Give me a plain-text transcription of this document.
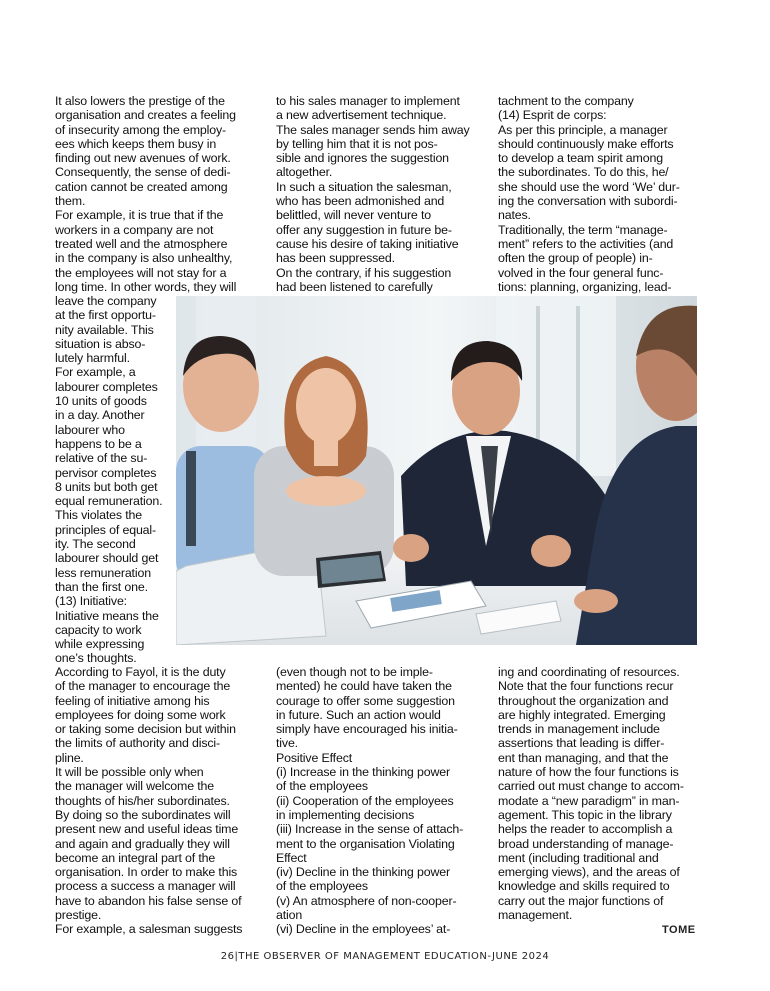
It also lowers the prestige of the

organisation and creates a feeling

of insecurity among the employ-

ees which keeps them busy in

finding out new avenues of work.

Consequently, the sense of dedi-

cation cannot be created among

them.

For example, it is true that if the

workers in a company are not

treated well and the atmosphere

in the company is also unhealthy,

the employees will not stay for a

long time. In other words, they will

leave the company

at the first opportu-

nity available. This

situation is abso-

lutely harmful.

For example, a

labourer completes

10 units of goods

in a day. Another

labourer who

happens to be a

relative of the su-

pervisor completes

8 units but both get

equal remuneration.

This violates the

principles of equal-

ity. The second

labourer should get

less remuneration

than the first one.

(13) Initiative:

Initiative means the

capacity to work

while expressing

one’s thoughts.

According to Fayol, it is the duty

of the manager to encourage the

feeling of initiative among his

employees for doing some work

or taking some decision but within

the limits of authority and disci-

pline.

It will be possible only when

the manager will welcome the

thoughts of his/her subordinates.

By doing so the subordinates will

present new and useful ideas time

and again and gradually they will

become an integral part of the

organisation. In order to make this

process a success a manager will

have to abandon his false sense of

prestige.

For example, a salesman suggests

to his sales manager to implement

a new advertisement technique.

The sales manager sends him away

by telling him that it is not pos-

sible and ignores the suggestion

altogether.

In such a situation the salesman,

who has been admonished and

belittled, will never venture to

offer any suggestion in future be-

cause his desire of taking initiative

has been suppressed.

On the contrary, if his suggestion

had been listened to carefully

(even though not to be imple-

mented) he could have taken the

courage to offer some suggestion

in future. Such an action would

simply have encouraged his initia-

tive.

Positive Effect

(i) Increase in the thinking power

of the employees

(ii) Cooperation of the employees

in implementing decisions

(iii) Increase in the sense of attach-

ment to the organisation Violating

Effect

(iv) Decline in the thinking power

of the employees

(v) An atmosphere of non-cooper-

ation

(vi) Decline in the employees’ at-

tachment to the company

(14) Esprit de corps:

As per this principle, a manager

should continuously make efforts

to develop a team spirit among

the subordinates. To do this, he/

she should use the word ‘We’ dur-

ing the conversation with subordi-

nates.

Traditionally, the term “manage-

ment” refers to the activities (and

often the group of people) in-

volved in the four general func-

tions: planning, organizing, lead-

ing and coordinating of resources.

Note that the four functions recur

throughout the organization and

are highly integrated. Emerging

trends in management include

assertions that leading is differ-

ent than managing, and that the

nature of how the four functions is

carried out must change to accom-

modate a “new paradigm” in man-

agement. This topic in the library

helps the reader to accomplish a

broad understanding of manage-

ment (including traditional and

emerging views), and the areas of

knowledge and skills required to

carry out the major functions of

management.

TOME
26|THE OBSERVER OF MANAGEMENT EDUCATION-JUNE 2024
